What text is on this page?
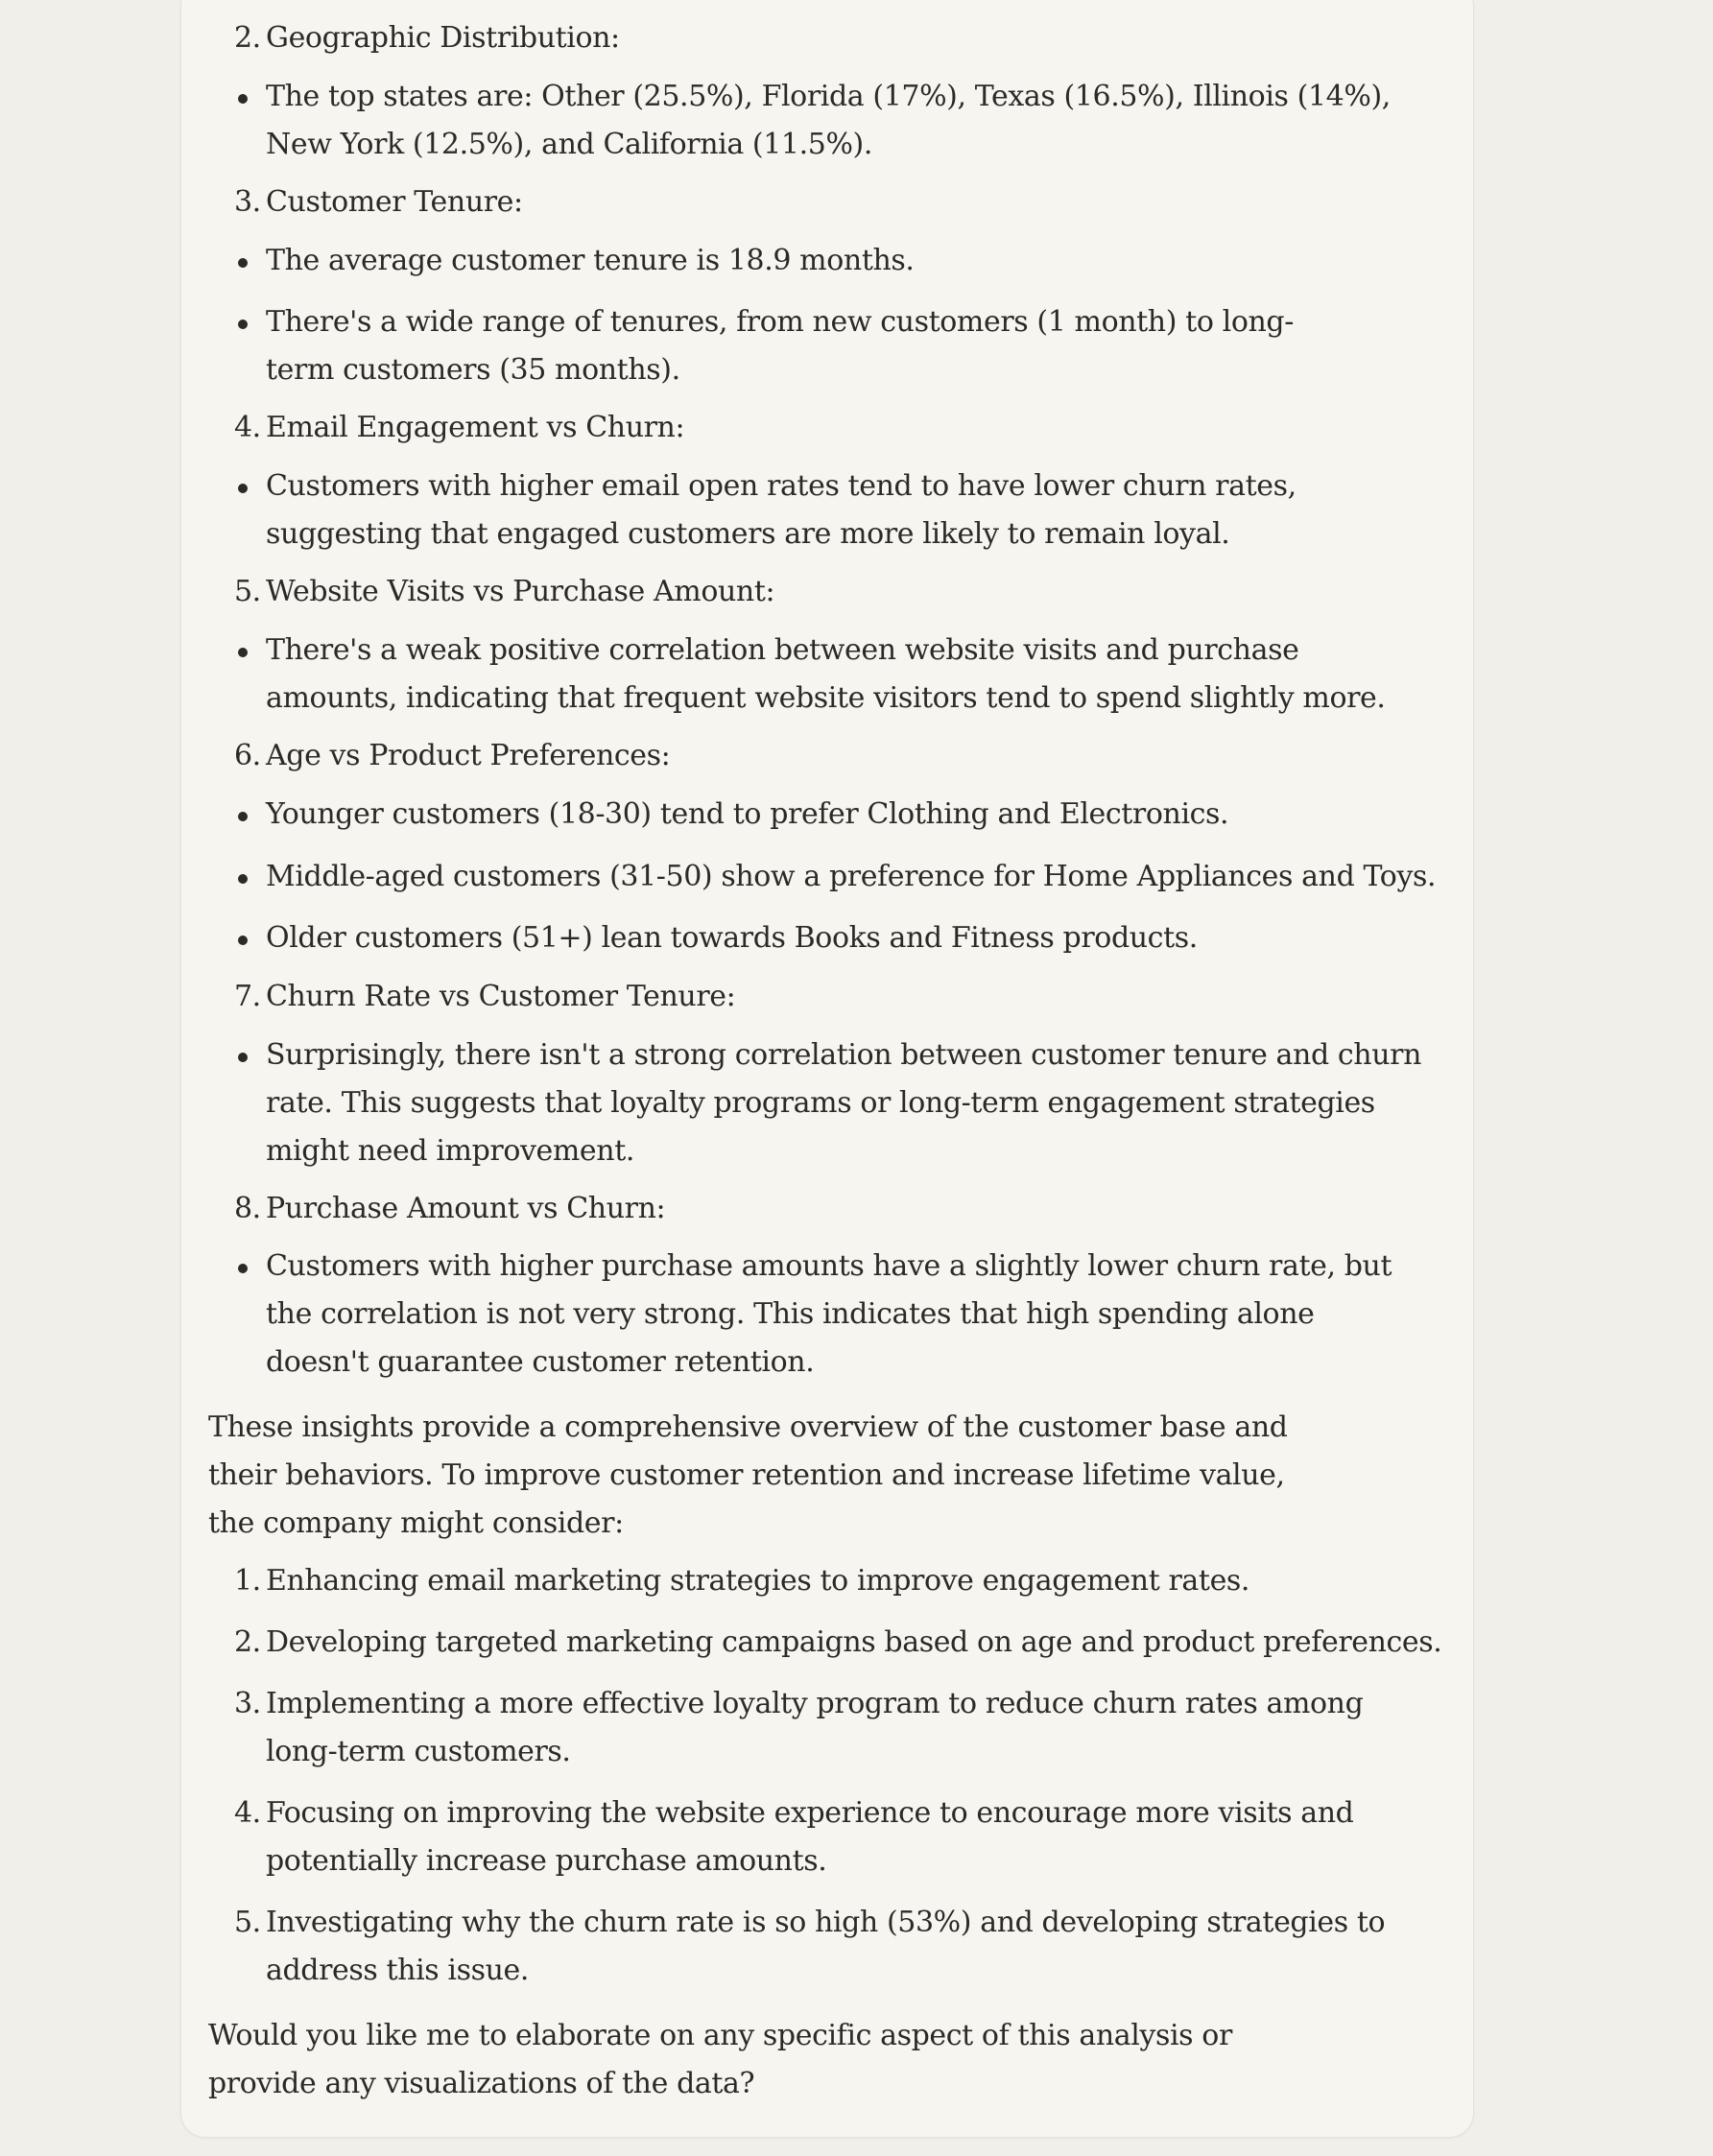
2. Geographic Distribution:
The top states are: Other (25.5%), Florida (17%), Texas (16.5%), Illinois (14%), New York (12.5%), and California (11.5%).
3. Customer Tenure:
The average customer tenure is 18.9 months.
There's a wide range of tenures, from new customers (1 month) to long-term customers (35 months).
4. Email Engagement vs Churn:
Customers with higher email open rates tend to have lower churn rates, suggesting that engaged customers are more likely to remain loyal.
5. Website Visits vs Purchase Amount:
There's a weak positive correlation between website visits and purchase amounts, indicating that frequent website visitors tend to spend slightly more.
6. Age vs Product Preferences:
Younger customers (18-30) tend to prefer Clothing and Electronics.
Middle-aged customers (31-50) show a preference for Home Appliances and Toys.
Older customers (51+) lean towards Books and Fitness products.
7. Churn Rate vs Customer Tenure:
Surprisingly, there isn't a strong correlation between customer tenure and churn rate. This suggests that loyalty programs or long-term engagement strategies might need improvement.
8. Purchase Amount vs Churn:
Customers with higher purchase amounts have a slightly lower churn rate, but the correlation is not very strong. This indicates that high spending alone doesn't guarantee customer retention.
These insights provide a comprehensive overview of the customer base and their behaviors. To improve customer retention and increase lifetime value, the company might consider:
1. Enhancing email marketing strategies to improve engagement rates.
2. Developing targeted marketing campaigns based on age and product preferences.
3. Implementing a more effective loyalty program to reduce churn rates among long-term customers.
4. Focusing on improving the website experience to encourage more visits and potentially increase purchase amounts.
5. Investigating why the churn rate is so high (53%) and developing strategies to address this issue.
Would you like me to elaborate on any specific aspect of this analysis or provide any visualizations of the data?
